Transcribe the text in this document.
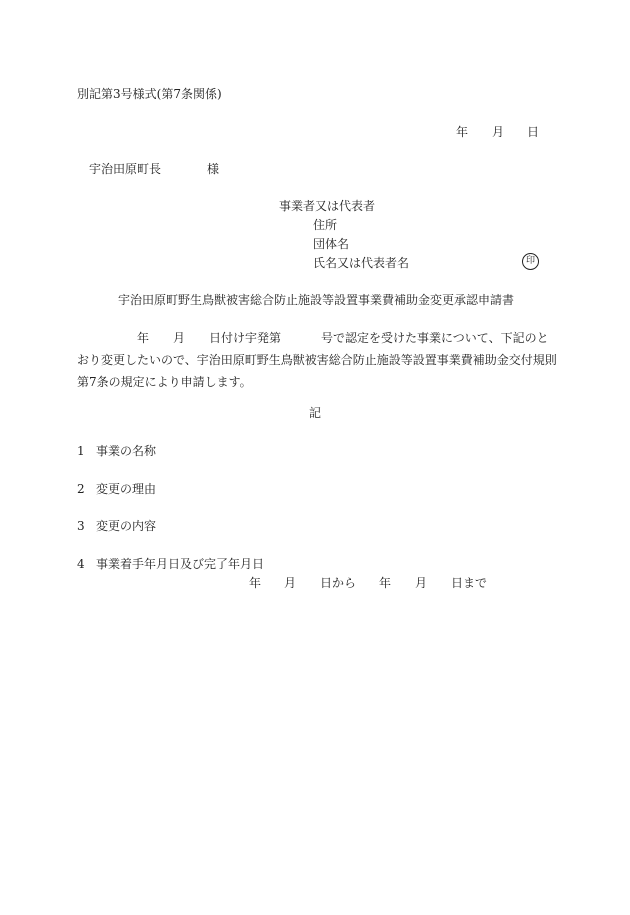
別記第3号様式(第7条関係)
年 月 日
宇治田原町長	様
事業者又は代表者
住所
団体名
氏名又は代表者名	印
宇治田原町野生鳥獣被害総合防止施設等設置事業費補助金変更承認申請書
年 月 日付け宇発第	号で認定を受けた事業について、下記のと
おり変更したいので、宇治田原町野生鳥獣被害総合防止施設等設置事業費補助金交付規則
第7条の規定により申請します。
記
1 事業の名称
2 変更の理由
3 変更の内容
4 事業着手年月日及び完了年月日
年 月 日から 年 月 日まで
